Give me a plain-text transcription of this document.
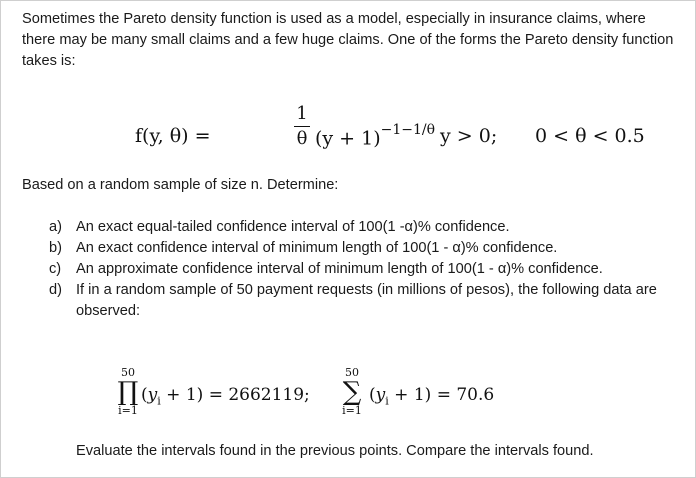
Sometimes the Pareto density function is used as a model, especially in insurance claims, where there may be many small claims and a few huge claims. One of the forms the Pareto density function takes is:
f(y, θ) =
1
θ $(y + 1)^{-1-1/\theta}$ y > 0; 0 < θ < 0.5
Based on a random sample of size n. Determine:
a) An exact equal-tailed confidence interval of 100(1 -α)% confidence.
b) An exact confidence interval of minimum length of 100(1 - α)% confidence.
c) An approximate confidence interval of minimum length of 100(1 - α)% confidence.
d) If in a random sample of 50 payment requests (in millions of pesos), the following data are observed:
50
∏
i=1
$(y_i + 1) = 2662119$;
50
∑
i=1
$(y_i + 1) = 70.6$
Evaluate the intervals found in the previous points. Compare the intervals found.
